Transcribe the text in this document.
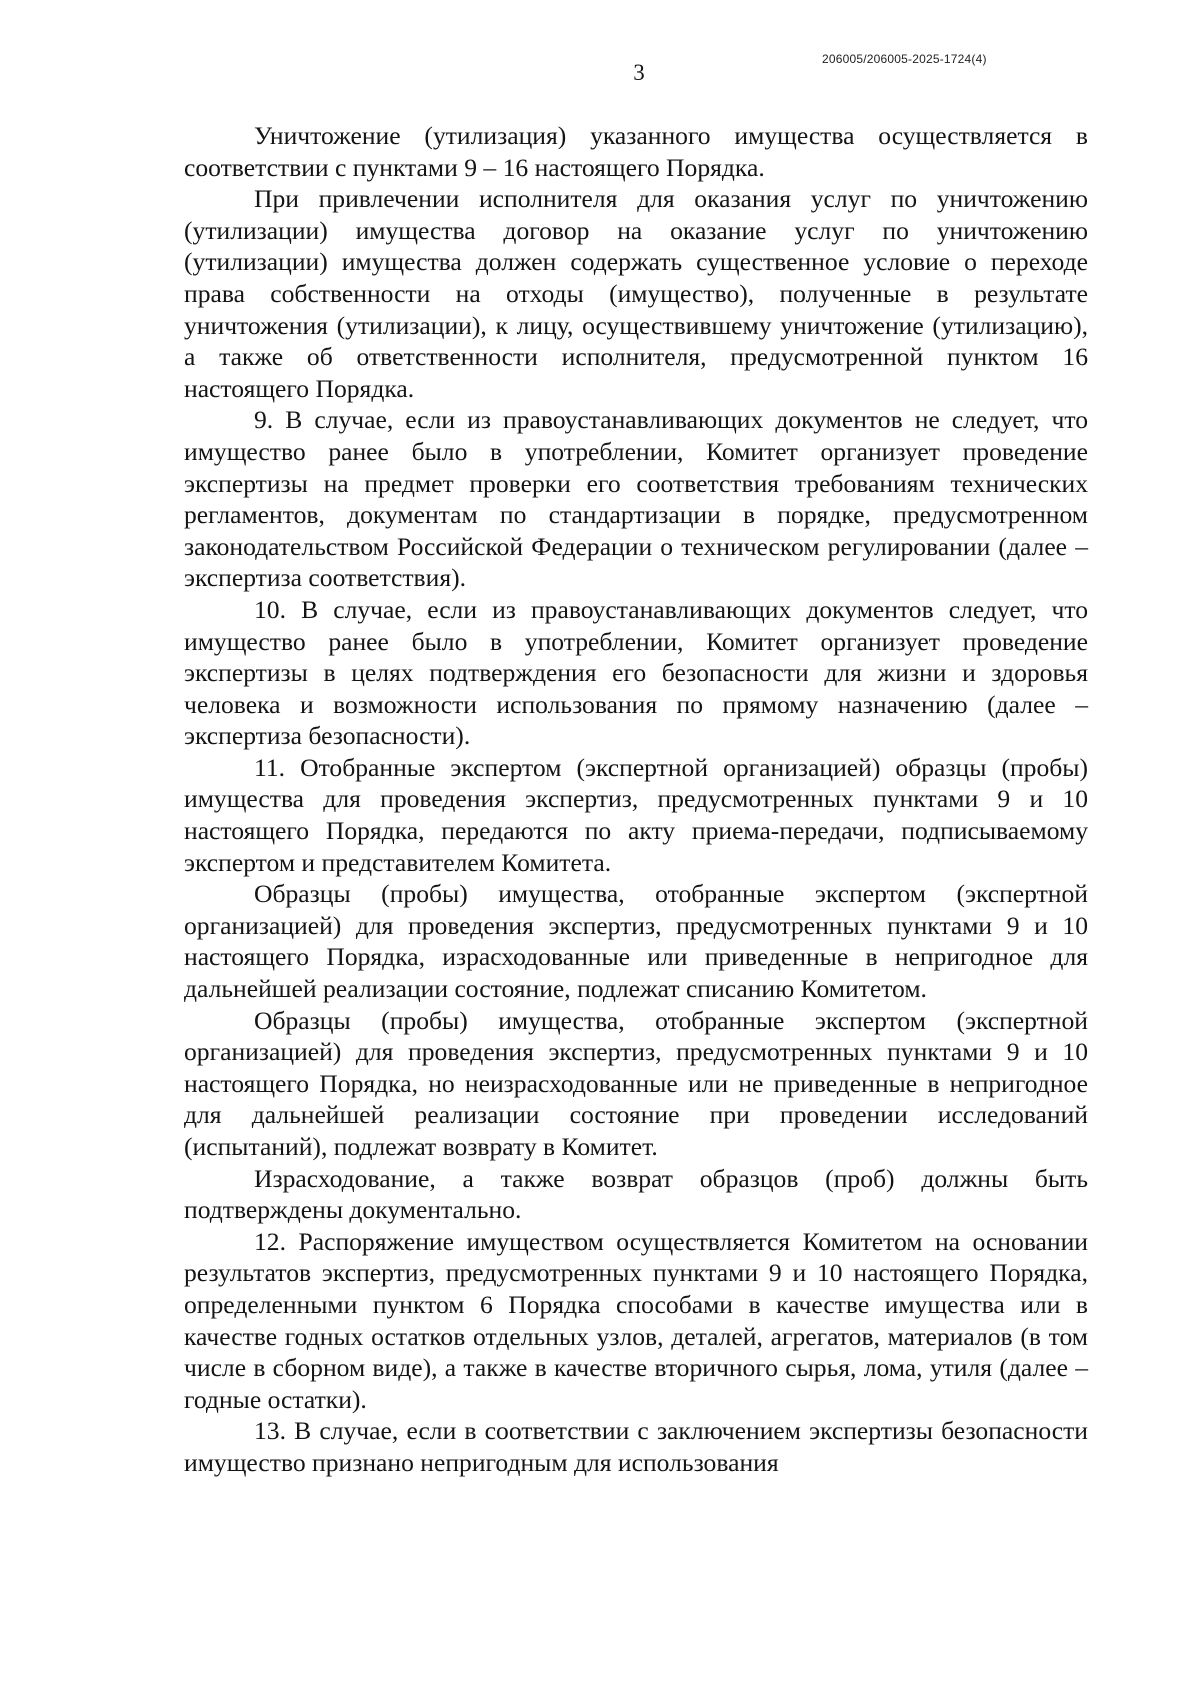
206005/206005-2025-1724(4)
3

Уничтожение (утилизация) указанного имущества осуществляется в соответствии с пунктами 9 – 16 настоящего Порядка.

При привлечении исполнителя для оказания услуг по уничтожению (утилизации) имущества договор на оказание услуг по уничтожению (утилизации) имущества должен содержать существенное условие о переходе права собственности на отходы (имущество), полученные в результате уничтожения (утилизации), к лицу, осуществившему уничтожение (утилизацию), а также об ответственности исполнителя, предусмотренной пунктом 16 настоящего Порядка.

9. В случае, если из правоустанавливающих документов не следует, что имущество ранее было в употреблении, Комитет организует проведение экспертизы на предмет проверки его соответствия требованиям технических регламентов, документам по стандартизации в порядке, предусмотренном законодательством Российской Федерации о техническом регулировании (далее – экспертиза соответствия).

10. В случае, если из правоустанавливающих документов следует, что имущество ранее было в употреблении, Комитет организует проведение экспертизы в целях подтверждения его безопасности для жизни и здоровья человека и возможности использования по прямому назначению (далее – экспертиза безопасности).

11. Отобранные экспертом (экспертной организацией) образцы (пробы) имущества для проведения экспертиз, предусмотренных пунктами 9 и 10 настоящего Порядка, передаются по акту приема-передачи, подписываемому экспертом и представителем Комитета.

Образцы (пробы) имущества, отобранные экспертом (экспертной организацией) для проведения экспертиз, предусмотренных пунктами 9 и 10 настоящего Порядка, израсходованные или приведенные в непригодное для дальнейшей реализации состояние, подлежат списанию Комитетом.

Образцы (пробы) имущества, отобранные экспертом (экспертной организацией) для проведения экспертиз, предусмотренных пунктами 9 и 10 настоящего Порядка, но неизрасходованные или не приведенные в непригодное для дальнейшей реализации состояние при проведении исследований (испытаний), подлежат возврату в Комитет.

Израсходование, а также возврат образцов (проб) должны быть подтверждены документально.

12. Распоряжение имуществом осуществляется Комитетом на основании результатов экспертиз, предусмотренных пунктами 9 и 10 настоящего Порядка, определенными пунктом 6 Порядка способами в качестве имущества или в качестве годных остатков отдельных узлов, деталей, агрегатов, материалов (в том числе в сборном виде), а также в качестве вторичного сырья, лома, утиля (далее – годные остатки).

13. В случае, если в соответствии с заключением экспертизы безопасности имущество признано непригодным для использования
